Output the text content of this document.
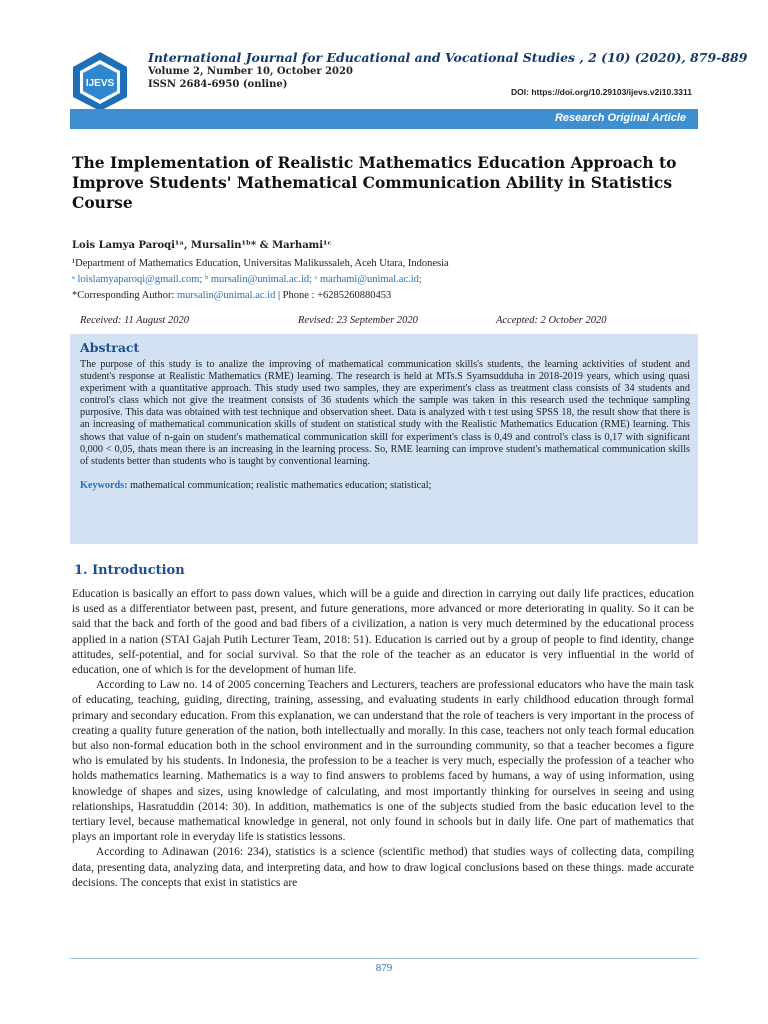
IJEVS
International Journal for Educational and Vocational Studies , 2 (10) (2020), 879-889
Volume 2, Number 10, October 2020
ISSN 2684-6950 (online)
DOI: https://doi.org/10.29103/ijevs.v2i10.3311
Research Original Article
The Implementation of Realistic Mathematics Education Approach to
Improve Students' Mathematical Communication Ability in Statistics
Course
Lois Lamya Paroqi¹ᵃ, Mursalin¹ᵇ* & Marhami¹ᶜ
¹Department of Mathematics Education, Universitas Malikussaleh, Aceh Utara, Indonesia
ᵃ loislamyaparoqi@gmail.com; ᵇ mursalin@unimal.ac.id; ᶜ marhami@unimal.ac.id;
*Corresponding Author: mursalin@unimal.ac.id | Phone : +6285260880453
Received: 11 August 2020	Revised: 23 September 2020	Accepted: 2 October 2020
Abstract
The purpose of this study is to analize the improving of mathematical communication skills's students, the learning acktivities of student and student's response at Realistic Mathematics (RME) learning. The research is held at MTs.S Syamsudduha in 2018-2019 years, which using quasi experiment with a quantitative approach. This study used two samples, they are experiment's class as treatment class consists of 34 students and control's class which not give the treatment consists of 36 students which the sample was taken in this research used the technique sampling purposive. This data was obtained with test technique and observation sheet. Data is analyzed with t test using SPSS 18, the result show that there is an increasing of mathematical communication skills of student on statistical study with the Realistic Mathematics Education (RME) learning. This shows that value of n-gain on student's mathematical communication skill for experiment's class is 0,49 and control's class is 0,17 with significant 0,000 < 0,05, thats mean there is an increasing in the learning process. So, RME learning can improve student's mathematical communication skills of students better than students who is taught by conventional learning.
Keywords: mathematical communication; realistic mathematics education; statistical;
1. Introduction

Education is basically an effort to pass down values, which will be a guide and direction in carrying out daily life practices, education is used as a differentiator between past, present, and future generations, more advanced or more deteriorating in quality. So it can be said that the back and forth of the good and bad fibers of a civilization, a nation is very much determined by the educational process applied in a nation (STAI Gajah Putih Lecturer Team, 2018: 51). Education is carried out by a group of people to find identity, change attitudes, self-potential, and for social survival. So that the role of the teacher as an educator is very influential in the world of education, one of which is for the development of human life.

According to Law no. 14 of 2005 concerning Teachers and Lecturers, teachers are professional educators who have the main task of educating, teaching, guiding, directing, training, assessing, and evaluating students in early childhood education through formal primary and secondary education. From this explanation, we can understand that the role of teachers is very important in the process of creating a quality future generation of the nation, both intellectually and morally. In this case, teachers not only teach formal education but also non-formal education both in the school environment and in the surrounding community, so that a teacher becomes a figure who is emulated by his students. In Indonesia, the profession to be a teacher is very much, especially the profession of a teacher who holds mathematics learning. Mathematics is a way to find answers to problems faced by humans, a way of using information, using knowledge of shapes and sizes, using knowledge of calculating, and most importantly thinking for ourselves in seeing and using relationships, Hasratuddin (2014: 30). In addition, mathematics is one of the subjects studied from the basic education level to the tertiary level, because mathematical knowledge in general, not only found in schools but in daily life. One part of mathematics that plays an important role in everyday life is statistics lessons.

According to Adinawan (2016: 234), statistics is a science (scientific method) that studies ways of collecting data, compiling data, presenting data, analyzing data, and interpreting data, and how to draw logical conclusions based on these things. made accurate decisions. The concepts that exist in statistics are

879
